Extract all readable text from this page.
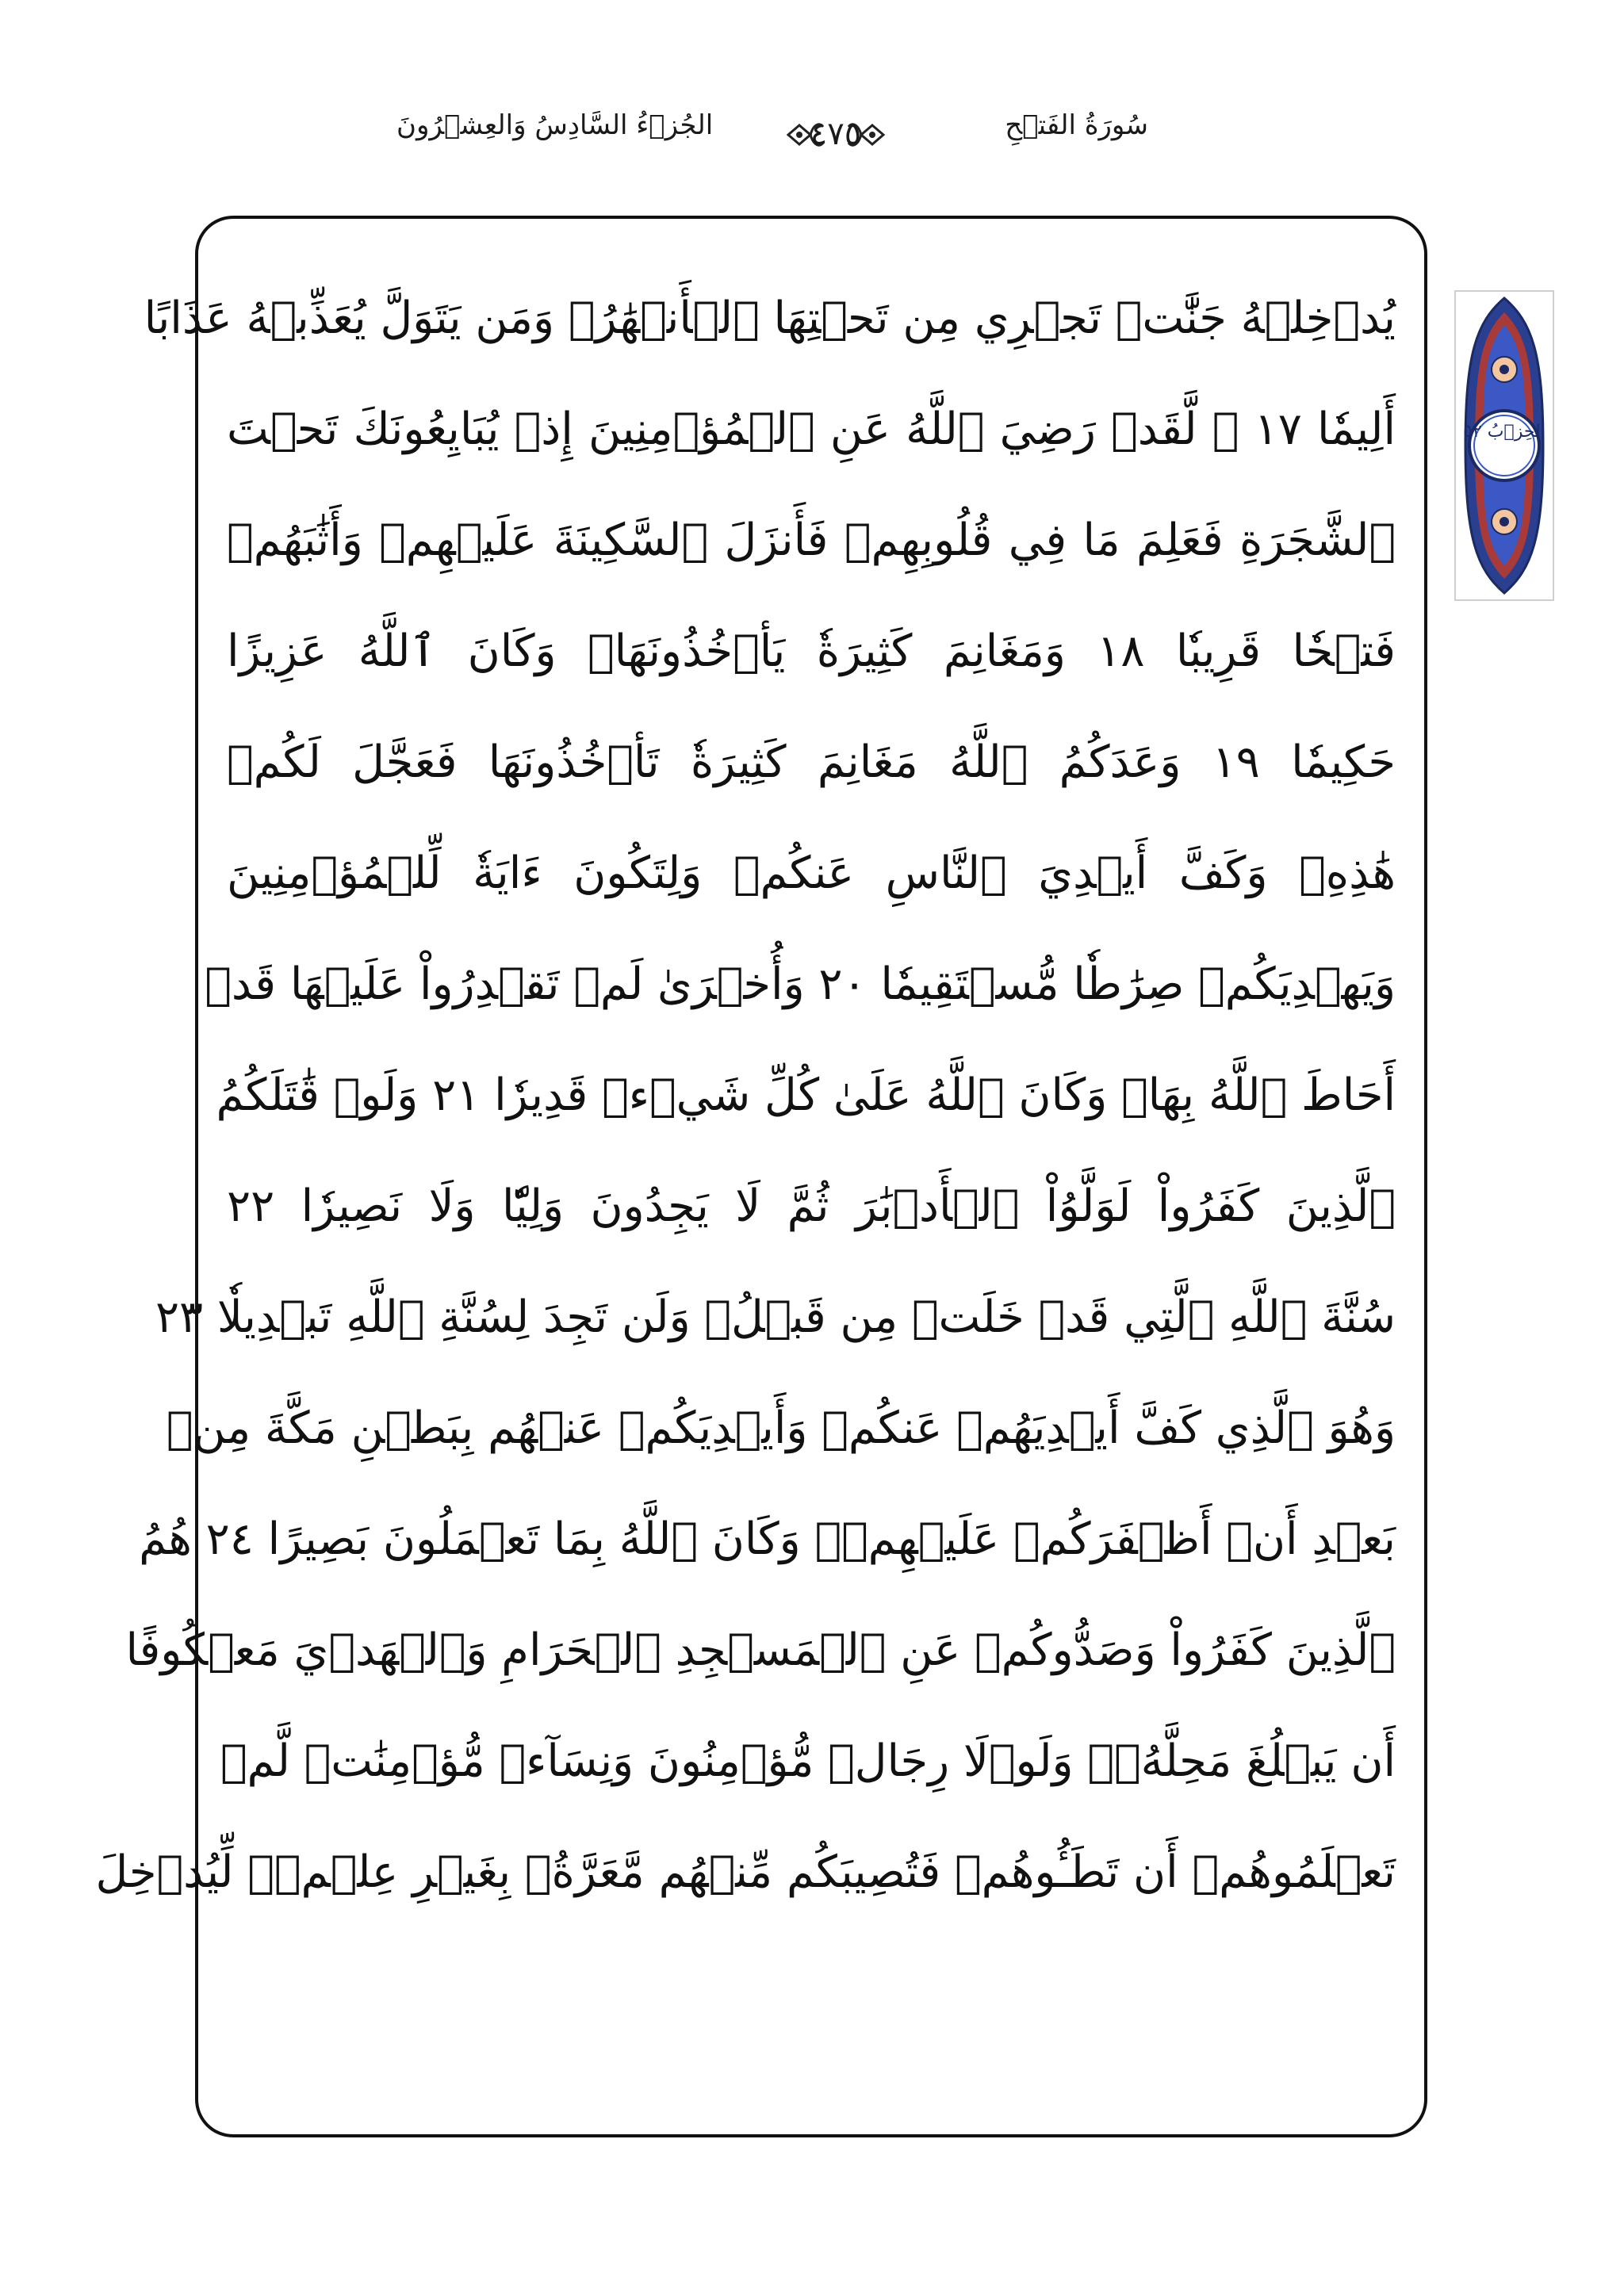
الجُزۡءُ السَّادِسُ وَالعِشۡرُونَ	٤٧٥	سُورَةُ الفَتۡحِ
الحِزۡبُ ٥٢
يُدۡخِلۡهُ جَنَّٰتٖ تَجۡرِي مِن تَحۡتِهَا ٱلۡأَنۡهَٰرُۖ وَمَن يَتَوَلَّ يُعَذِّبۡهُ عَذَابًا
أَلِيمٗا ١٧ ۞ لَّقَدۡ رَضِيَ ٱللَّهُ عَنِ ٱلۡمُؤۡمِنِينَ إِذۡ يُبَايِعُونَكَ تَحۡتَ
ٱلشَّجَرَةِ فَعَلِمَ مَا فِي قُلُوبِهِمۡ فَأَنزَلَ ٱلسَّكِينَةَ عَلَيۡهِمۡ وَأَثَٰبَهُمۡ
فَتۡحٗا قَرِيبٗا ١٨ وَمَغَانِمَ كَثِيرَةٗ يَأۡخُذُونَهَاۗ وَكَانَ ٱللَّهُ عَزِيزًا
حَكِيمٗا ١٩ وَعَدَكُمُ ٱللَّهُ مَغَانِمَ كَثِيرَةٗ تَأۡخُذُونَهَا فَعَجَّلَ لَكُمۡ
هَٰذِهِۦ وَكَفَّ أَيۡدِيَ ٱلنَّاسِ عَنكُمۡ وَلِتَكُونَ ءَايَةٗ لِّلۡمُؤۡمِنِينَ
وَيَهۡدِيَكُمۡ صِرَٰطٗا مُّسۡتَقِيمٗا ٢٠ وَأُخۡرَىٰ لَمۡ تَقۡدِرُواْ عَلَيۡهَا قَدۡ
أَحَاطَ ٱللَّهُ بِهَاۚ وَكَانَ ٱللَّهُ عَلَىٰ كُلِّ شَيۡءٖ قَدِيرٗا ٢١ وَلَوۡ قَٰتَلَكُمُ
ٱلَّذِينَ كَفَرُواْ لَوَلَّوُاْ ٱلۡأَدۡبَٰرَ ثُمَّ لَا يَجِدُونَ وَلِيّٗا وَلَا نَصِيرٗا ٢٢
سُنَّةَ ٱللَّهِ ٱلَّتِي قَدۡ خَلَتۡ مِن قَبۡلُۖ وَلَن تَجِدَ لِسُنَّةِ ٱللَّهِ تَبۡدِيلٗا ٢٣
وَهُوَ ٱلَّذِي كَفَّ أَيۡدِيَهُمۡ عَنكُمۡ وَأَيۡدِيَكُمۡ عَنۡهُم بِبَطۡنِ مَكَّةَ مِنۢ
بَعۡدِ أَنۡ أَظۡفَرَكُمۡ عَلَيۡهِمۡۚ وَكَانَ ٱللَّهُ بِمَا تَعۡمَلُونَ بَصِيرًا ٢٤ هُمُ
ٱلَّذِينَ كَفَرُواْ وَصَدُّوكُمۡ عَنِ ٱلۡمَسۡجِدِ ٱلۡحَرَامِ وَٱلۡهَدۡيَ مَعۡكُوفًا
أَن يَبۡلُغَ مَحِلَّهُۥۚ وَلَوۡلَا رِجَالٞ مُّؤۡمِنُونَ وَنِسَآءٞ مُّؤۡمِنَٰتٞ لَّمۡ
تَعۡلَمُوهُمۡ أَن تَطَـُٔوهُمۡ فَتُصِيبَكُم مِّنۡهُم مَّعَرَّةُۢ بِغَيۡرِ عِلۡمٖۖ لِّيُدۡخِلَ
